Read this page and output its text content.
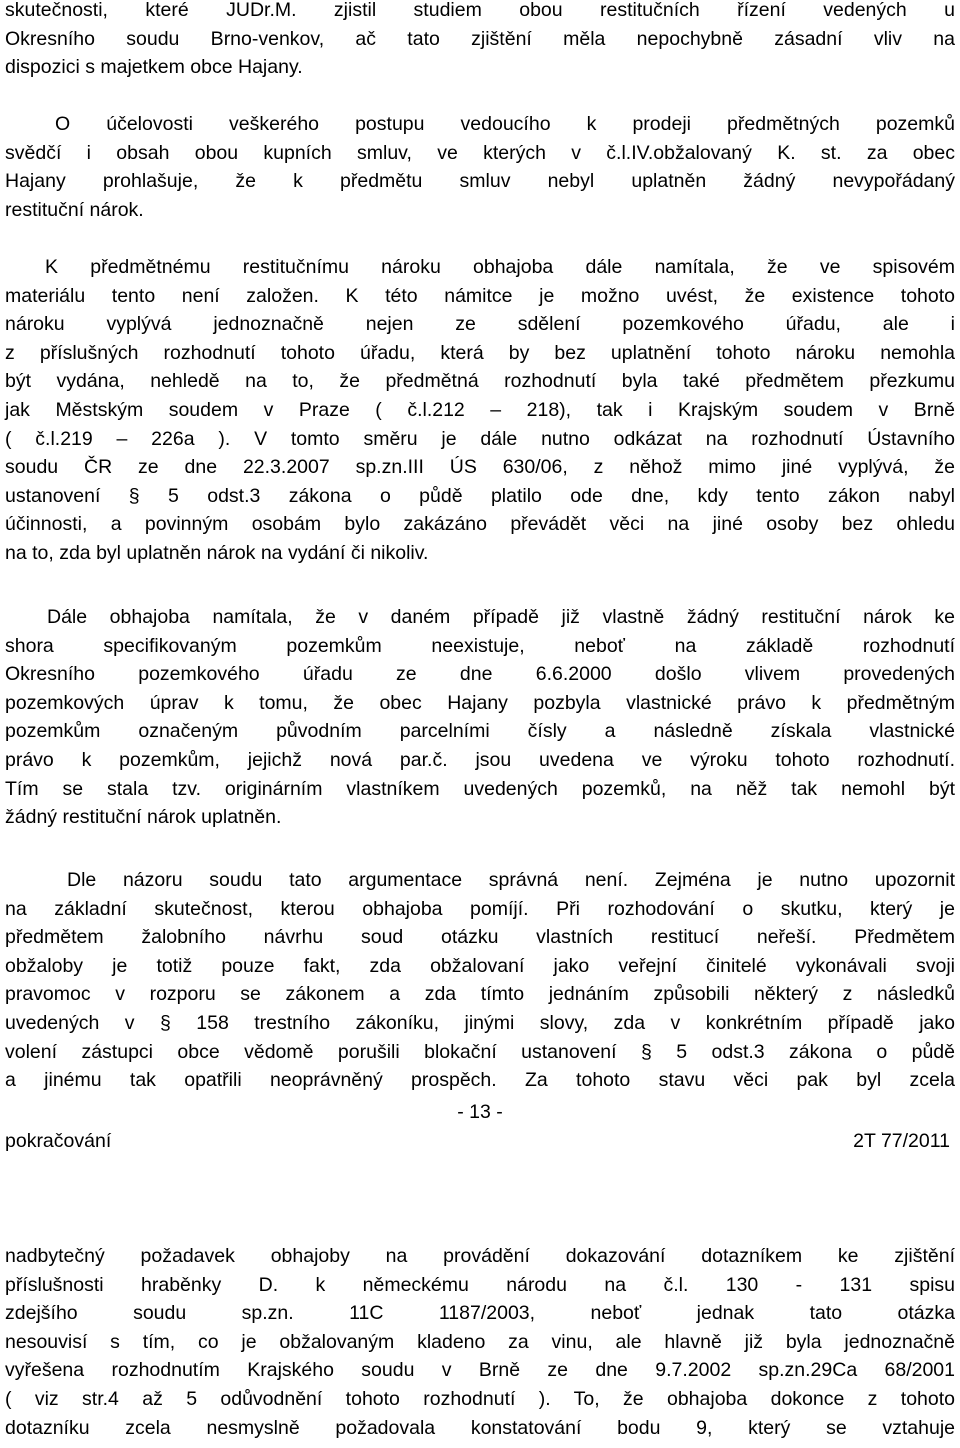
skutečnosti, které JUDr.M. zjistil studiem obou restitučních řízení vedených u
Okresního soudu Brno-venkov, ač tato zjištění měla nepochybně zásadní vliv na
dispozici s majetkem obce Hajany.
O účelovosti veškerého postupu vedoucího k prodeji předmětných pozemků
svědčí i obsah obou kupních smluv, ve kterých v č.l.IV.obžalovaný K. st. za obec
Hajany prohlašuje, že k předmětu smluv nebyl uplatněn žádný nevypořádaný
restituční nárok.
K předmětnému restitučnímu nároku obhajoba dále namítala, že ve spisovém
materiálu tento není založen. K této námitce je možno uvést, že existence tohoto
nároku vyplývá jednoznačně nejen ze sdělení pozemkového úřadu, ale i
z příslušných rozhodnutí tohoto úřadu, která by bez uplatnění tohoto nároku nemohla
být vydána, nehledě na to, že předmětná rozhodnutí byla také předmětem přezkumu
jak Městským soudem v Praze ( č.l.212 – 218), tak i Krajským soudem v Brně
( č.l.219 – 226a ). V tomto směru je dále nutno odkázat na rozhodnutí Ústavního
soudu ČR ze dne 22.3.2007 sp.zn.III ÚS 630/06, z něhož mimo jiné vyplývá, že
ustanovení § 5 odst.3 zákona o půdě platilo ode dne, kdy tento zákon nabyl
účinnosti, a povinným osobám bylo zakázáno převádět věci na jiné osoby bez ohledu
na to, zda byl uplatněn nárok na vydání či nikoliv.
Dále obhajoba namítala, že v daném případě již vlastně žádný restituční nárok ke
shora specifikovaným pozemkům neexistuje, neboť na základě rozhodnutí
Okresního pozemkového úřadu ze dne 6.6.2000 došlo vlivem provedených
pozemkových úprav k tomu, že obec Hajany pozbyla vlastnické právo k předmětným
pozemkům označeným původním parcelními čísly a následně získala vlastnické
právo k pozemkům, jejichž nová par.č. jsou uvedena ve výroku tohoto rozhodnutí.
Tím se stala tzv. originárním vlastníkem uvedených pozemků, na něž tak nemohl být
žádný restituční nárok uplatněn.
Dle názoru soudu tato argumentace správná není. Zejména je nutno upozornit
na základní skutečnost, kterou obhajoba pomíjí. Při rozhodování o skutku, který je
předmětem žalobního návrhu soud otázku vlastních restitucí neřeší. Předmětem
obžaloby je totiž pouze fakt, zda obžalovaní jako veřejní činitelé vykonávali svoji
pravomoc v rozporu se zákonem a zda tímto jednáním způsobili některý z následků
uvedených v § 158 trestního zákoníku, jinými slovy, zda v konkrétním případě jako
volení zástupci obce vědomě porušili blokační ustanovení § 5 odst.3 zákona o půdě
a jinému tak opatřili neoprávněný prospěch. Za tohoto stavu věci pak byl zcela
- 13 -
pokračování	2T 77/2011
nadbytečný požadavek obhajoby na provádění dokazování dotazníkem ke zjištění
příslušnosti hraběnky D. k německému národu na č.l. 130 - 131 spisu
zdejšího soudu sp.zn. 11C 1187/2003, neboť jednak tato otázka
nesouvisí s tím, co je obžalovaným kladeno za vinu, ale hlavně již byla jednoznačně
vyřešena rozhodnutím Krajského soudu v Brně ze dne 9.7.2002 sp.zn.29Ca 68/2001
( viz str.4 až 5 odůvodnění tohoto rozhodnutí ). To, že obhajoba dokonce z tohoto
dotazníku zcela nesmyslně požadovala konstatování bodu 9, který se vztahuje
